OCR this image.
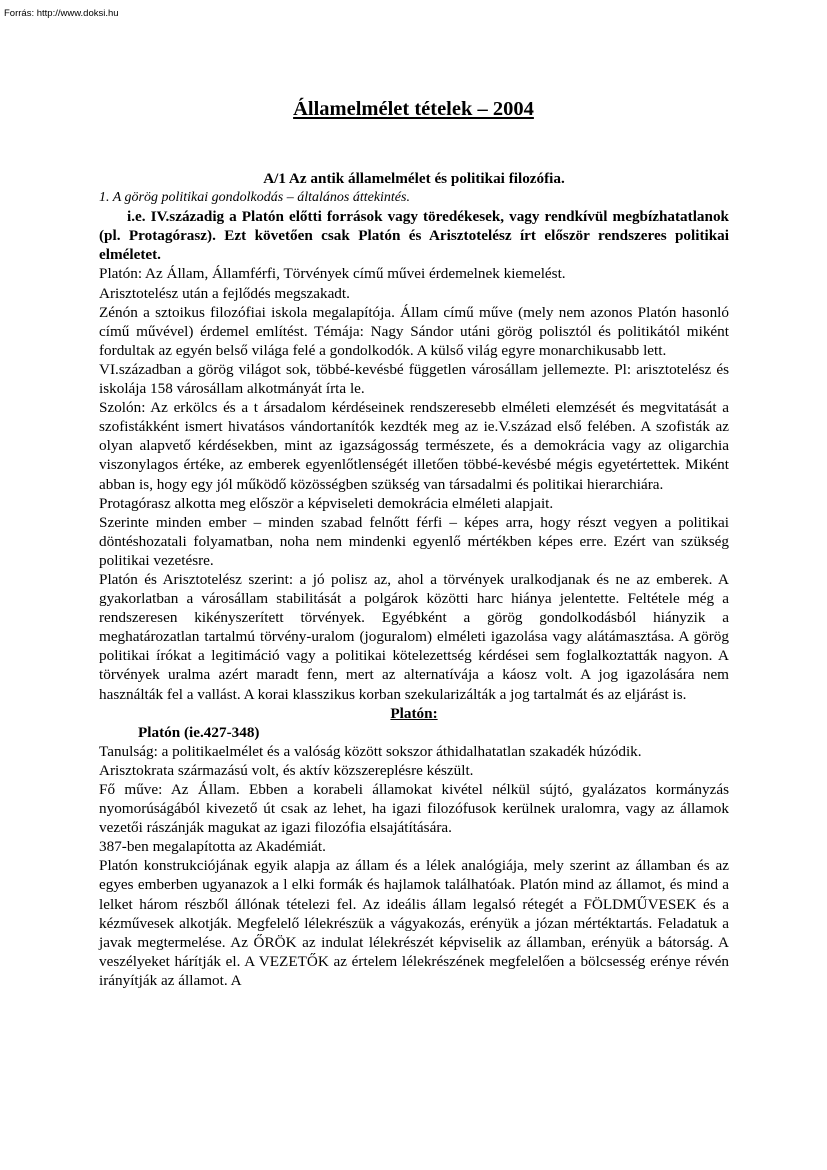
Forrás: http://www.doksi.hu
Államelmélet tételek – 2004

A/1 Az antik államelmélet és politikai filozófia.

1. A görög politikai gondolkodás – általános áttekintés.

i.e. IV.századig a Platón előtti források vagy töredékesek, vagy rendkívül megbízhatatlanok (pl. Protagórasz). Ezt követően csak Platón és Arisztotelész írt először rendszeres politikai elméletet.

Platón: Az Állam, Államférfi, Törvények című művei érdemelnek kiemelést.

Arisztotelész után a fejlődés megszakadt.

Zénón a sztoikus filozófiai iskola megalapítója. Állam című műve (mely nem azonos Platón hasonló című művével) érdemel említést. Témája: Nagy Sándor utáni görög polisztól és politikától miként fordultak az egyén belső világa felé a gondolkodók. A külső világ egyre monarchikusabb lett.

VI.században a görög világot sok, többé-kevésbé független városállam jellemezte. Pl: arisztotelész és iskolája 158 városállam alkotmányát írta le.

Szolón: Az erkölcs és a t ársadalom kérdéseinek rendszeresebb elméleti elemzését és megvitatását a szofistákként ismert hivatásos vándortanítók kezdték meg az ie.V.század első felében. A szofisták az olyan alapvető kérdésekben, mint az igazságosság természete, és a demokrácia vagy az oligarchia viszonylagos értéke, az emberek egyenlőtlenségét illetően többé-kevésbé mégis egyetértettek. Miként abban is, hogy egy jól működő közösségben szükség van társadalmi és politikai hierarchiára.

Protagórasz alkotta meg először a képviseleti demokrácia elméleti alapjait.

Szerinte minden ember – minden szabad felnőtt férfi – képes arra, hogy részt vegyen a politikai döntéshozatali folyamatban, noha nem mindenki egyenlő mértékben képes erre. Ezért van szükség politikai vezetésre.

Platón és Arisztotelész szerint: a jó polisz az, ahol a törvények uralkodjanak és ne az emberek. A gyakorlatban a városállam stabilitását a polgárok közötti harc hiánya jelentette. Feltétele még a rendszeresen kikényszerített törvények. Egyébként a görög gondolkodásból hiányzik a meghatározatlan tartalmú törvény-uralom (joguralom) elméleti igazolása vagy alátámasztása. A görög politikai írókat a legitimáció vagy a politikai kötelezettség kérdései sem foglalkoztatták nagyon. A törvények uralma azért maradt fenn, mert az alternatívája a káosz volt. A jog igazolására nem használták fel a vallást. A korai klasszikus korban szekularizálták a jog tartalmát és az eljárást is.

Platón:

Platón (ie.427-348)

Tanulság: a politikaelmélet és a valóság között sokszor áthidalhatatlan szakadék húzódik.

Arisztokrata származású volt, és aktív közszereplésre készült.

Fő műve: Az Állam. Ebben a korabeli államokat kivétel nélkül sújtó, gyalázatos kormányzás nyomorúságából kivezető út csak az lehet, ha igazi filozófusok kerülnek uralomra, vagy az államok vezetői rászánják magukat az igazi filozófia elsajátítására.

387-ben megalapította az Akadémiát.

Platón konstrukciójának egyik alapja az állam és a lélek analógiája, mely szerint az államban és az egyes emberben ugyanazok a l elki formák és hajlamok találhatóak. Platón mind az államot, és mind a lelket három részből állónak tételezi fel. Az ideális állam legalsó rétegét a FÖLDMŰVESEK és a kézművesek alkotják. Megfelelő lélekrészük a vágyakozás, erényük a józan mértéktartás. Feladatuk a javak megtermelése. Az ŐRÖK az indulat lélekrészét képviselik az államban, erényük a bátorság. A veszélyeket hárítják el. A VEZETŐK az értelem lélekrészének megfelelően a bölcsesség erénye révén irányítják az államot. A
